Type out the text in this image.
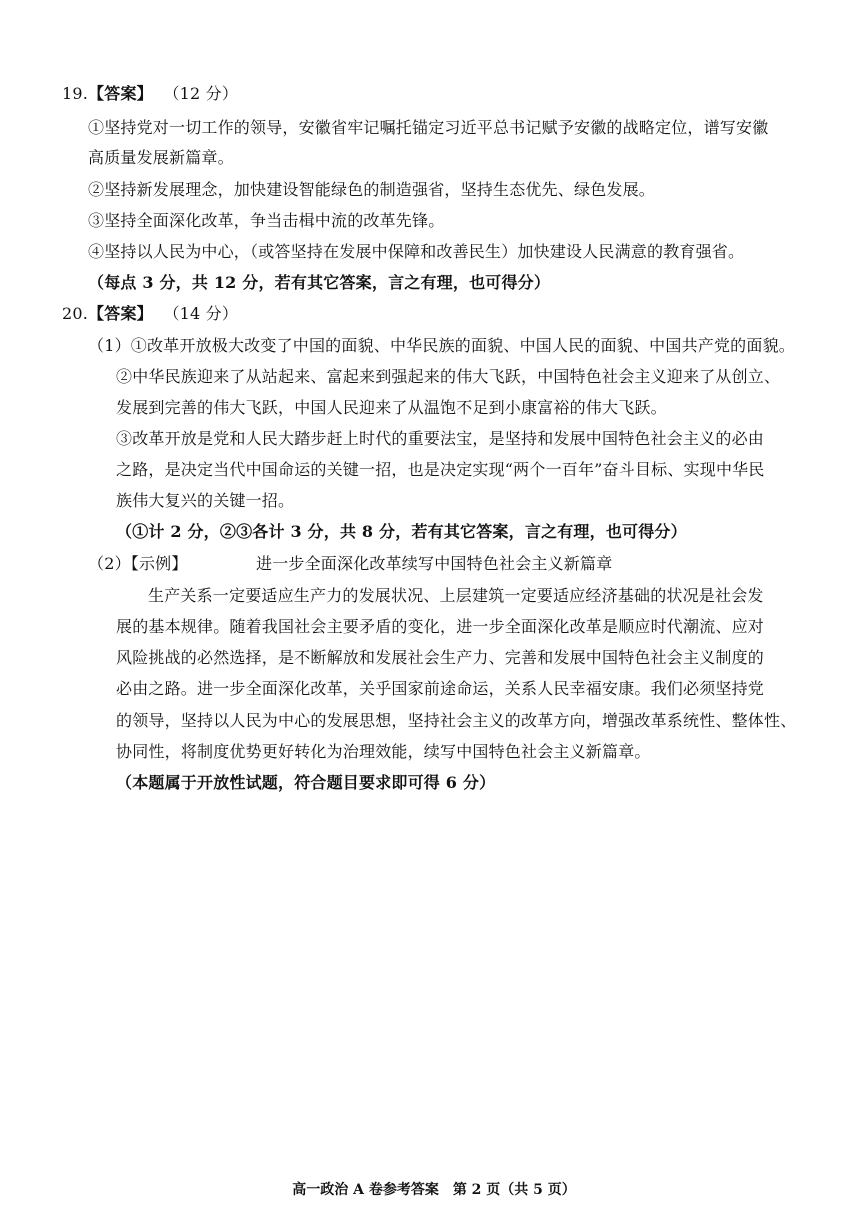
19.【答案】 （12 分）
①坚持党对一切工作的领导，安徽省牢记嘱托锚定习近平总书记赋予安徽的战略定位，谱写安徽
高质量发展新篇章。
②坚持新发展理念，加快建设智能绿色的制造强省，坚持生态优先、绿色发展。
③坚持全面深化改革，争当击楫中流的改革先锋。
④坚持以人民为中心，（或答坚持在发展中保障和改善民生）加快建设人民满意的教育强省。
（每点 3 分，共 12 分，若有其它答案，言之有理，也可得分）
20.【答案】 （14 分）
（1）①改革开放极大改变了中国的面貌、中华民族的面貌、中国人民的面貌、中国共产党的面貌。
②中华民族迎来了从站起来、富起来到强起来的伟大飞跃，中国特色社会主义迎来了从创立、
发展到完善的伟大飞跃，中国人民迎来了从温饱不足到小康富裕的伟大飞跃。
③改革开放是党和人民大踏步赶上时代的重要法宝，是坚持和发展中国特色社会主义的必由
之路，是决定当代中国命运的关键一招，也是决定实现“两个一百年”奋斗目标、实现中华民
族伟大复兴的关键一招。
（①计 2 分，②③各计 3 分，共 8 分，若有其它答案，言之有理，也可得分）
（2）【示例】	进一步全面深化改革续写中国特色社会主义新篇章
生产关系一定要适应生产力的发展状况、上层建筑一定要适应经济基础的状况是社会发
展的基本规律。随着我国社会主要矛盾的变化，进一步全面深化改革是顺应时代潮流、应对
风险挑战的必然选择，是不断解放和发展社会生产力、完善和发展中国特色社会主义制度的
必由之路。进一步全面深化改革，关乎国家前途命运，关系人民幸福安康。我们必须坚持党
的领导，坚持以人民为中心的发展思想，坚持社会主义的改革方向，增强改革系统性、整体性、
协同性，将制度优势更好转化为治理效能，续写中国特色社会主义新篇章。
（本题属于开放性试题，符合题目要求即可得 6 分）
高一政治 A 卷参考答案　第 2 页（共 5 页）
